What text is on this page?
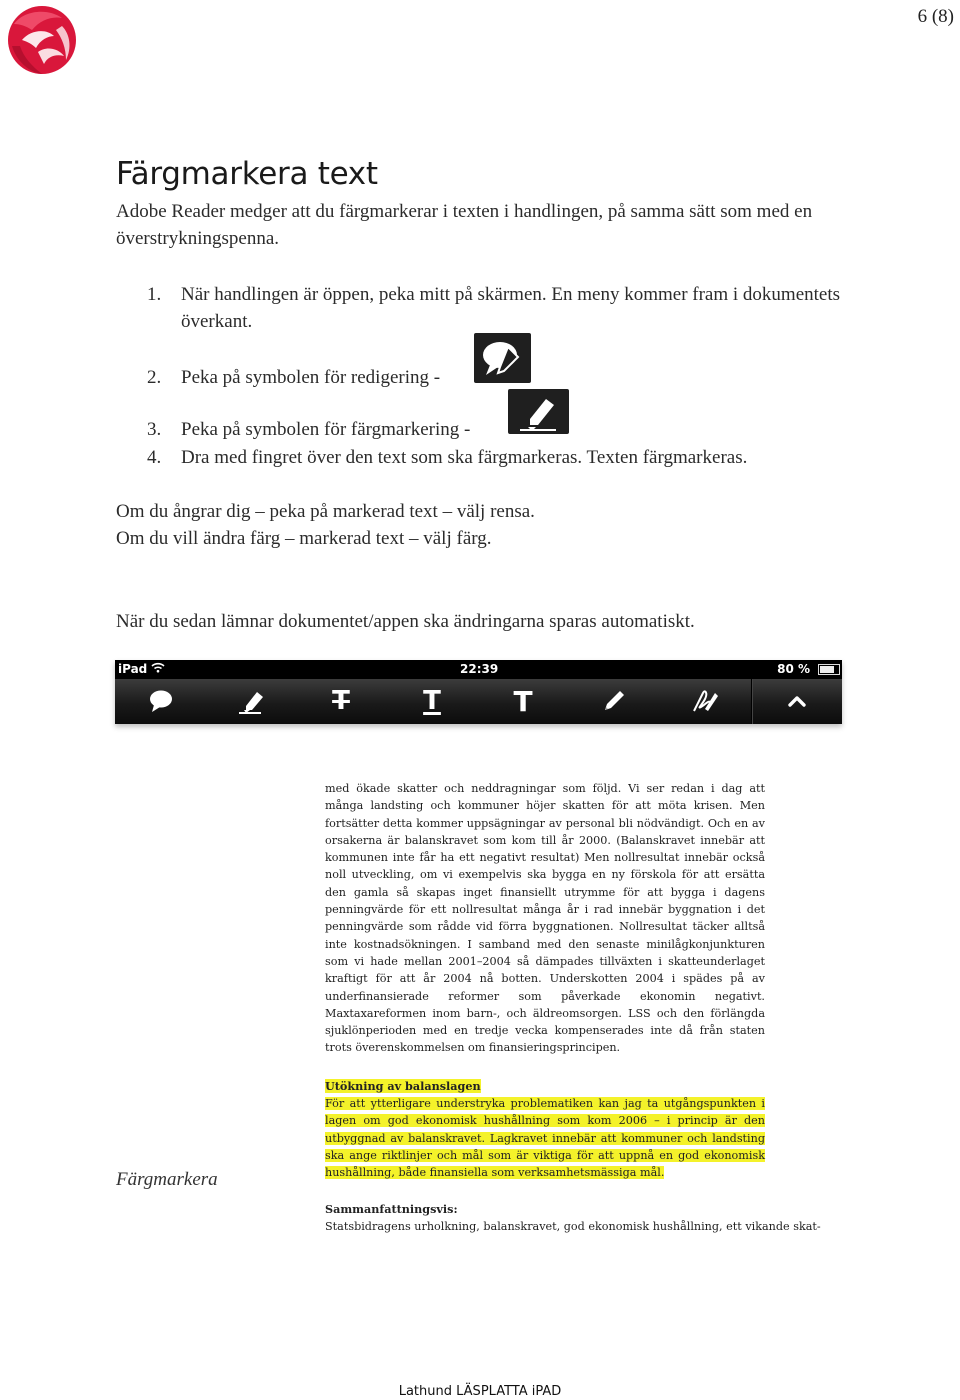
6 (8)
Färgmarkera text
Adobe Reader medger att du färgmarkerar i texten i handlingen, på samma sätt som med en överstrykningspenna.
1. När handlingen är öppen, peka mitt på skärmen. En meny kommer fram i dokumentets överkant.
2. Peka på symbolen för redigering -
3. Peka på symbolen för färgmarkering -
4. Dra med fingret över den text som ska färgmarkeras. Texten färgmarkeras.
Om du ångrar dig – peka på markerad text – välj rensa.
Om du vill ändra färg – markerad text – välj färg.
När du sedan lämnar dokumentet/appen ska ändringarna sparas automatiskt.
iPad	22:39	80 %
T	T	T

med ökade skatter och neddragningar som följd. Vi ser redan i dag att många landsting och kommuner höjer skatten för att möta krisen. Men fortsätter detta kommer uppsägningar av personal bli nödvändigt. Och en av orsakerna är balanskravet som kom till år 2000. (Balanskravet innebär att kommunen inte får ha ett negativt resultat) Men nollresultat innebär också noll utveckling, om vi exempelvis ska bygga en ny förskola för att ersätta den gamla så skapas inget finansiellt utrymme för att bygga i dagens penningvärde för ett nollresultat många år i rad innebär byggnation i det penningvärde som rådde vid förra byggnationen. Nollresultat täcker alltså inte kostnadsökningen. I samband med den senaste minilågkonjunkturen som vi hade mellan 2001–2004 så dämpades tillväxten i skatteunderlaget kraftigt för att år 2004 nå botten. Underskotten 2004 i spädes på av underfinansierade reformer som påverkade ekonomin negativt. Maxtaxareformen inom barn-, och äldreomsorgen. LSS och den förlängda sjuklönperioden med en tredje vecka kompenserades inte då från staten trots överenskommelsen om finansieringsprincipen.

Utökning av balanslagen
För att ytterligare understryka problematiken kan jag ta utgångspunkten i lagen om god ekonomisk hushållning som kom 2006 – i princip är den utbyggnad av balanskravet. Lagkravet innebär att kommuner och landsting ska ange riktlinjer och mål som är viktiga för att uppnå en god ekonomisk hushållning, både finansiella som verksamhetsmässiga mål.

Sammanfattningsvis:

Statsbidragens urholkning, balanskravet, god ekonomisk hushållning, ett vikande skat-

Färgmarkera
Lathund LÄSPLATTA iPAD
